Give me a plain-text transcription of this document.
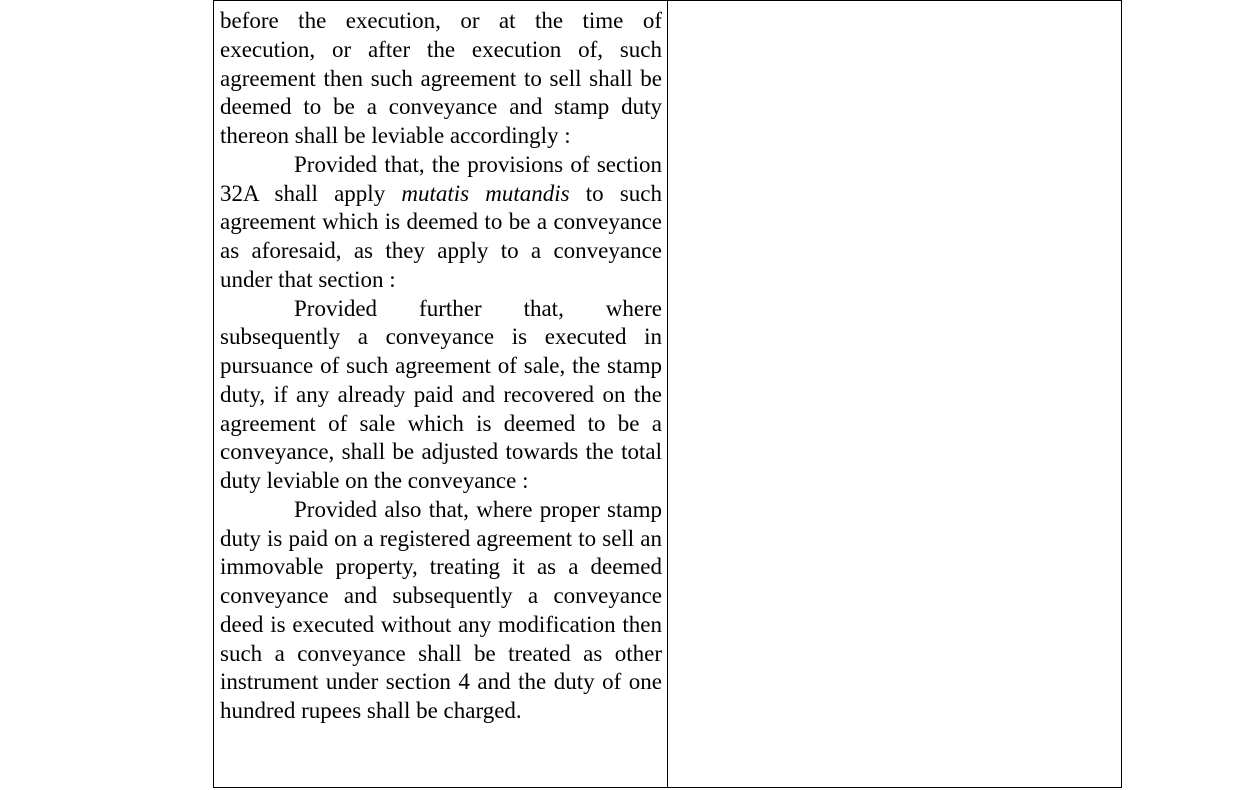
before the execution, or at the time of execution, or after the execution of, such agreement then such agreement to sell shall be deemed to be a conveyance and stamp duty thereon shall be leviable accordingly :

Provided that, the provisions of section 32A shall apply mutatis mutandis to such agreement which is deemed to be a conveyance as aforesaid, as they apply to a conveyance under that section :

Provided further that, where subsequently a conveyance is executed in pursuance of such agreement of sale, the stamp duty, if any already paid and recovered on the agreement of sale which is deemed to be a conveyance, shall be adjusted towards the total duty leviable on the conveyance :

Provided also that, where proper stamp duty is paid on a registered agreement to sell an immovable property, treating it as a deemed conveyance and subsequently a conveyance deed is executed without any modification then such a conveyance shall be treated as other instrument under section 4 and the duty of one hundred rupees shall be charged.
